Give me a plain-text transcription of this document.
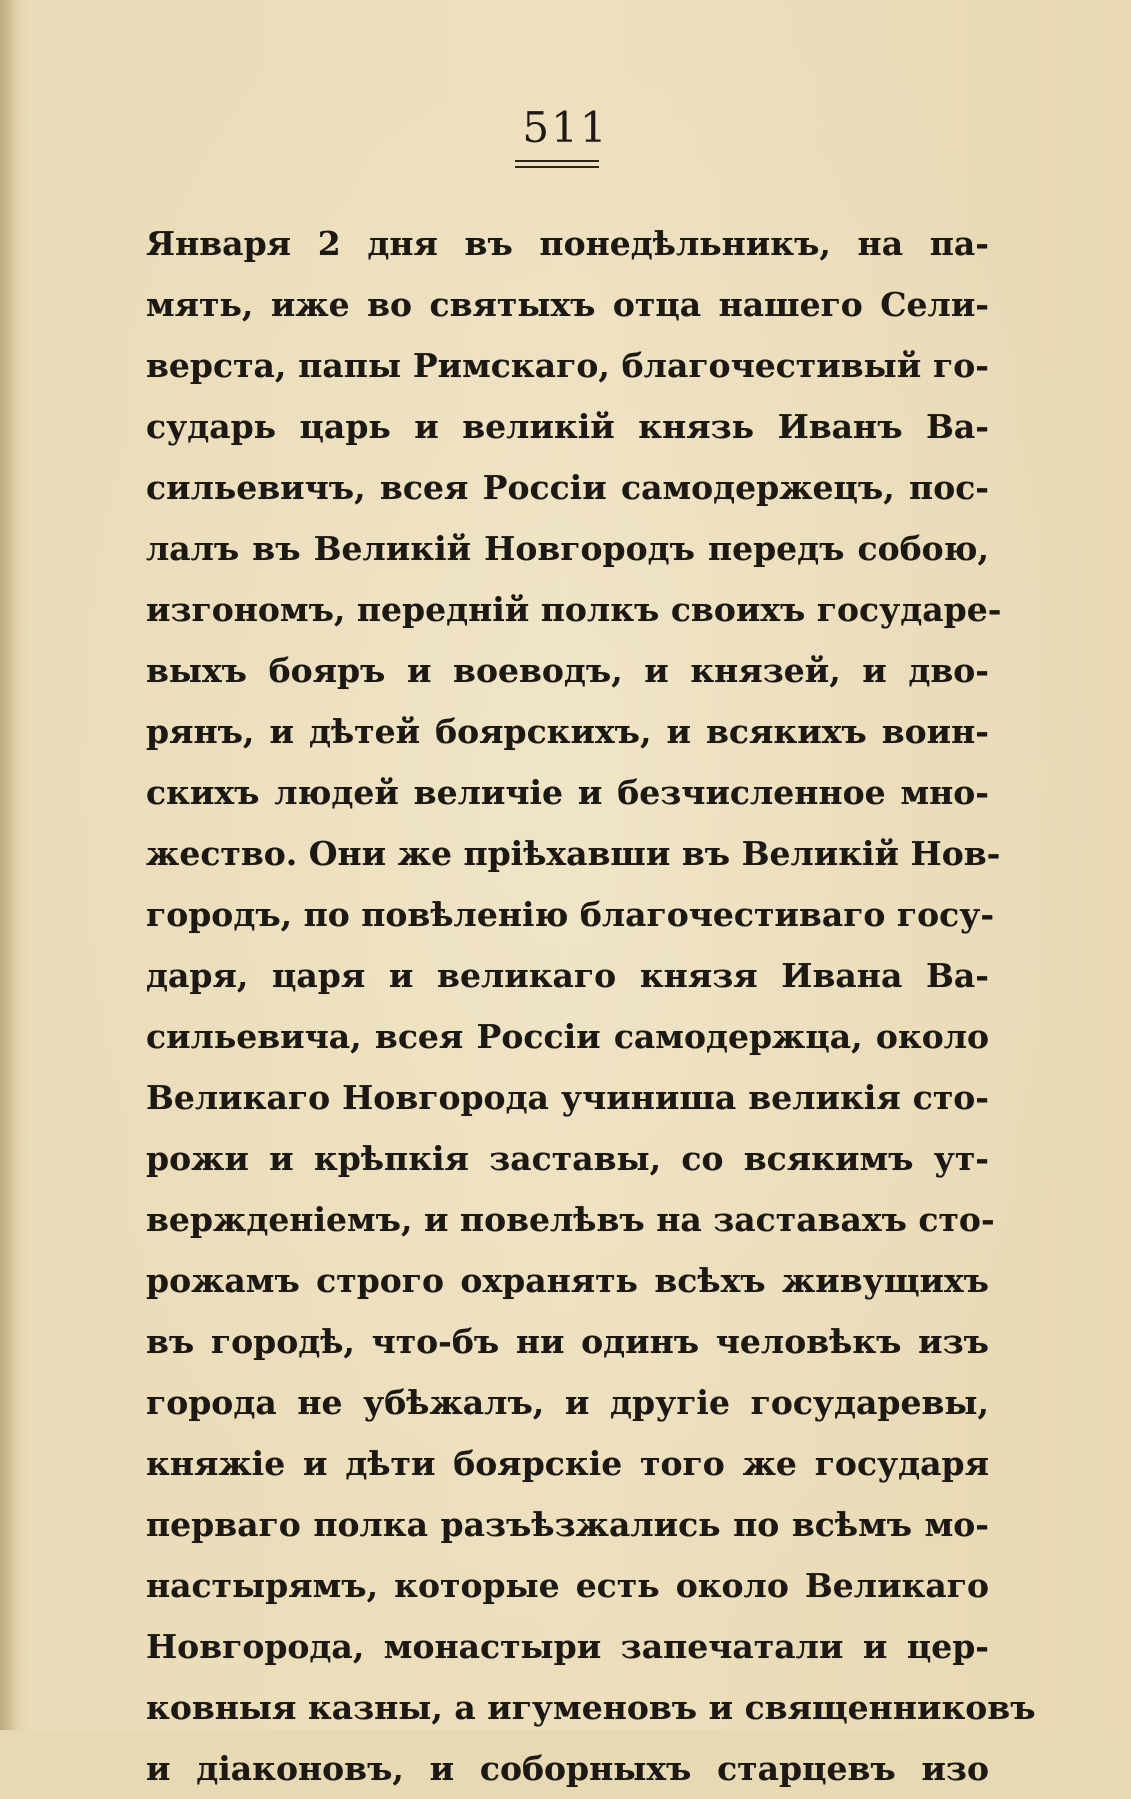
511
Января 2 дня въ понедѣльникъ, на па-
мять, иже во святыхъ отца нашего Сели-
верста, папы Римскаго, благочестивый го-
сударь царь и великій князь Иванъ Ва-
сильевичъ, всея Россіи самодержецъ, пос-
лалъ въ Великій Новгородъ передъ собою,
изгономъ, передній полкъ своихъ государе-
выхъ бояръ и воеводъ, и князей, и дво-
рянъ, и дѣтей боярскихъ, и всякихъ воин-
скихъ людей величіе и безчисленное мно-
жество. Они же пріѣхавши въ Великій Нов-
городъ, по повѣленію благочестиваго госу-
даря, царя и великаго князя Ивана Ва-
сильевича, всея Россіи самодержца, около
Великаго Новгорода учиниша великія сто-
рожи и крѣпкія заставы, со всякимъ ут-
вержденіемъ, и повелѣвъ на заставахъ сто-
рожамъ строго охранять всѣхъ живущихъ
въ городѣ, что-бъ ни одинъ человѣкъ изъ
города не убѣжалъ, и другіе государевы,
княжіе и дѣти боярскіе того же государя
перваго полка разъѣзжались по всѣмъ мо-
настырямъ, которые есть около Великаго
Новгорода, монастыри запечатали и цер-
ковныя казны, а игуменовъ и священниковъ
и діаконовъ, и соборныхъ старцевъ изо
